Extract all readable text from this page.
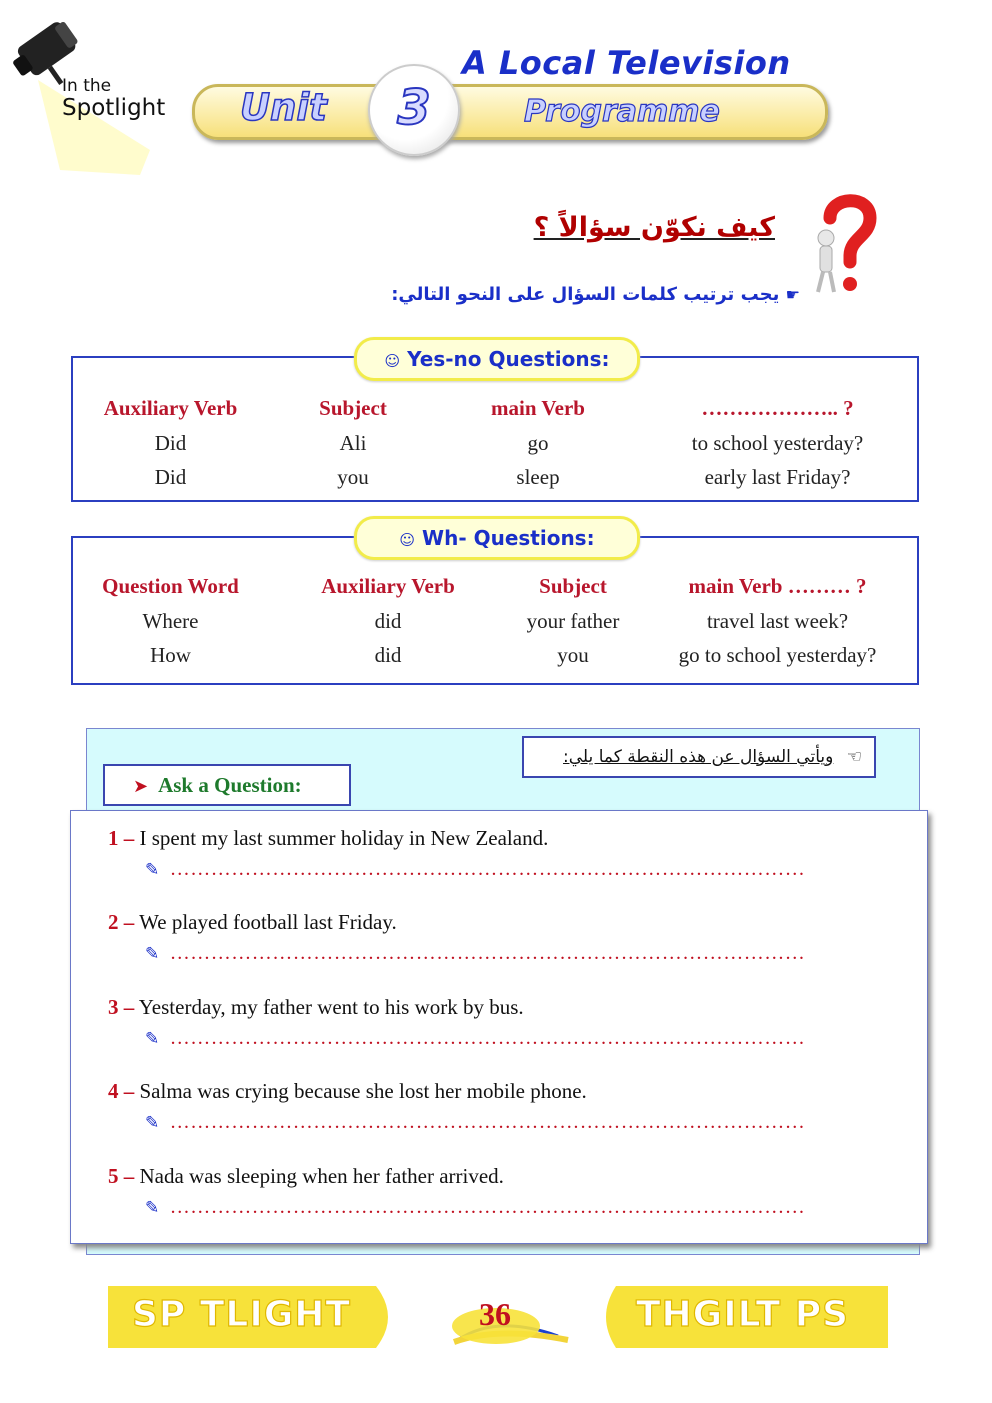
In the
Spotlight
A Local Television
Unit	Programme
3
كيف نكوّن سؤالاً ؟
☛ يجب ترتيب كلمات السؤال على النحو التالي:
Auxiliary Verb	Subject	main Verb	……………….. ?
Did	Ali	go	to school yesterday?
Did	you	sleep	early last Friday?
☺ Yes-no Questions:
Question Word	Auxiliary Verb	Subject	main Verb ……… ?
Where	did	your father	travel last week?
How	did	you	go to school yesterday?
☺ Wh- Questions:
☜ ويأتي السؤال عن هذه النقطة كما يلي:
➤ Ask a Question:
1 – I spent my last summer holiday in New Zealand.
✎ …………………………………………………………………………………
2 – We played football last Friday.
✎ …………………………………………………………………………………
3 – Yesterday, my father went to his work by bus.
✎ …………………………………………………………………………………
4 – Salma was crying because she lost her mobile phone.
✎ …………………………………………………………………………………
5 – Nada was sleeping when her father arrived.
✎ …………………………………………………………………………………
SP TLIGHT	THGILT PS
36
